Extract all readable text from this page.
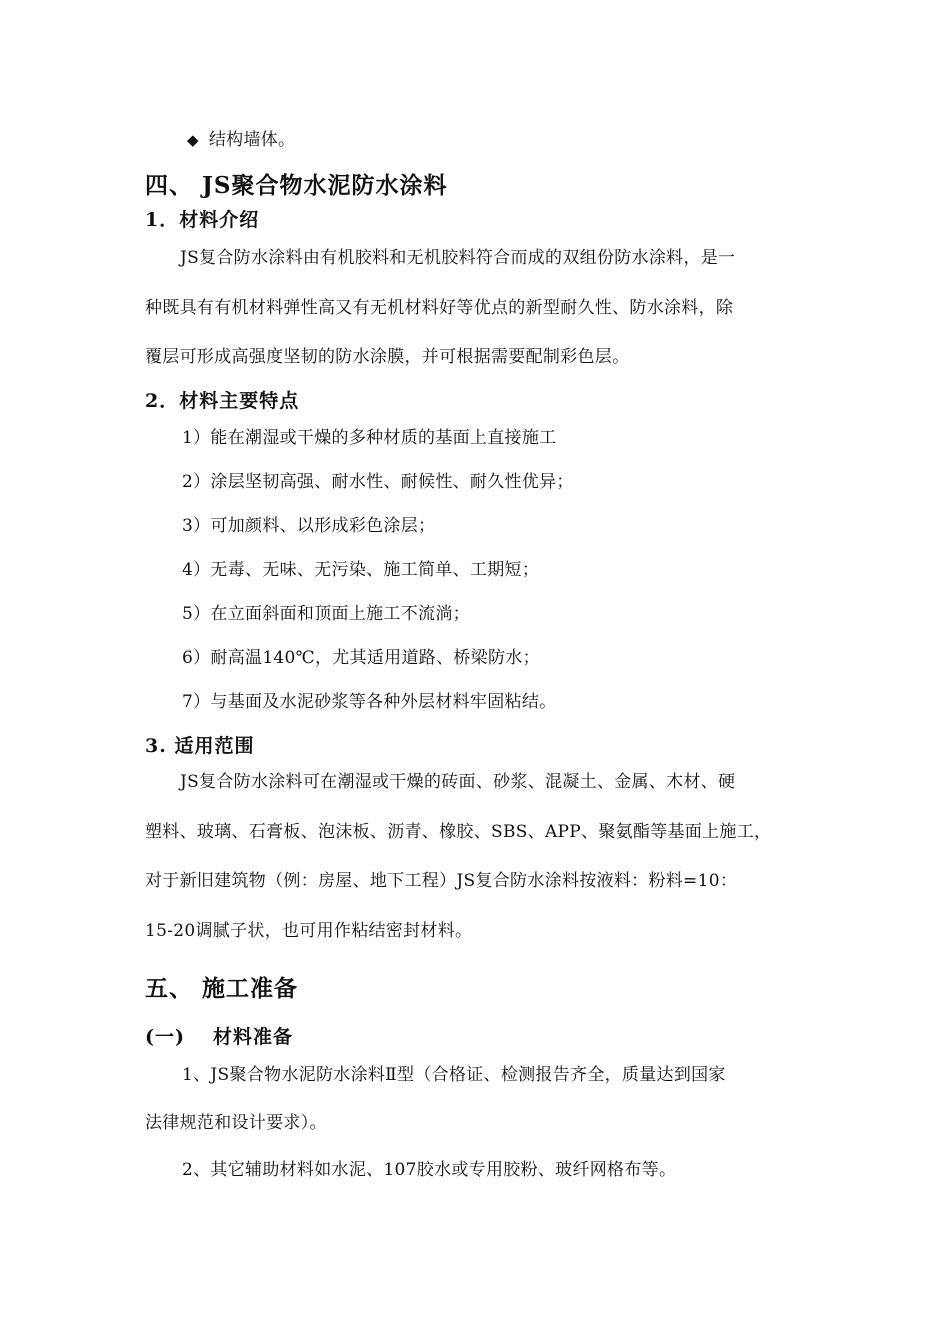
◆ 结构墙体。

四、 JS聚合物水泥防水涂料
1．材料介绍

JS复合防水涂料由有机胶料和无机胶料符合而成的双组份防水涂料，是一

种既具有有机材料弹性高又有无机材料好等优点的新型耐久性、防水涂料，除

覆层可形成高强度坚韧的防水涂膜，并可根据需要配制彩色层。

2．材料主要特点

1）能在潮湿或干燥的多种材质的基面上直接施工

2）涂层坚韧高强、耐水性、耐候性、耐久性优异；

3）可加颜料、以形成彩色涂层；

4）无毒、无味、无污染、施工简单、工期短；

5）在立面斜面和顶面上施工不流淌；

6）耐高温140℃，尤其适用道路、桥梁防水；

7）与基面及水泥砂浆等各种外层材料牢固粘结。

3. 适用范围

JS复合防水涂料可在潮湿或干燥的砖面、砂浆、混凝土、金属、木材、硬

塑料、玻璃、石膏板、泡沫板、沥青、橡胶、SBS、APP、聚氨酯等基面上施工，

对于新旧建筑物（例：房屋、地下工程）JS复合防水涂料按液料：粉料=10：

15-20调腻子状，也可用作粘结密封材料。

五、 施工准备
(一) 材料准备

1、JS聚合物水泥防水涂料Ⅱ型（合格证、检测报告齐全，质量达到国家

法律规范和设计要求）。

2、其它辅助材料如水泥、107胶水或专用胶粉、玻纤网格布等。
